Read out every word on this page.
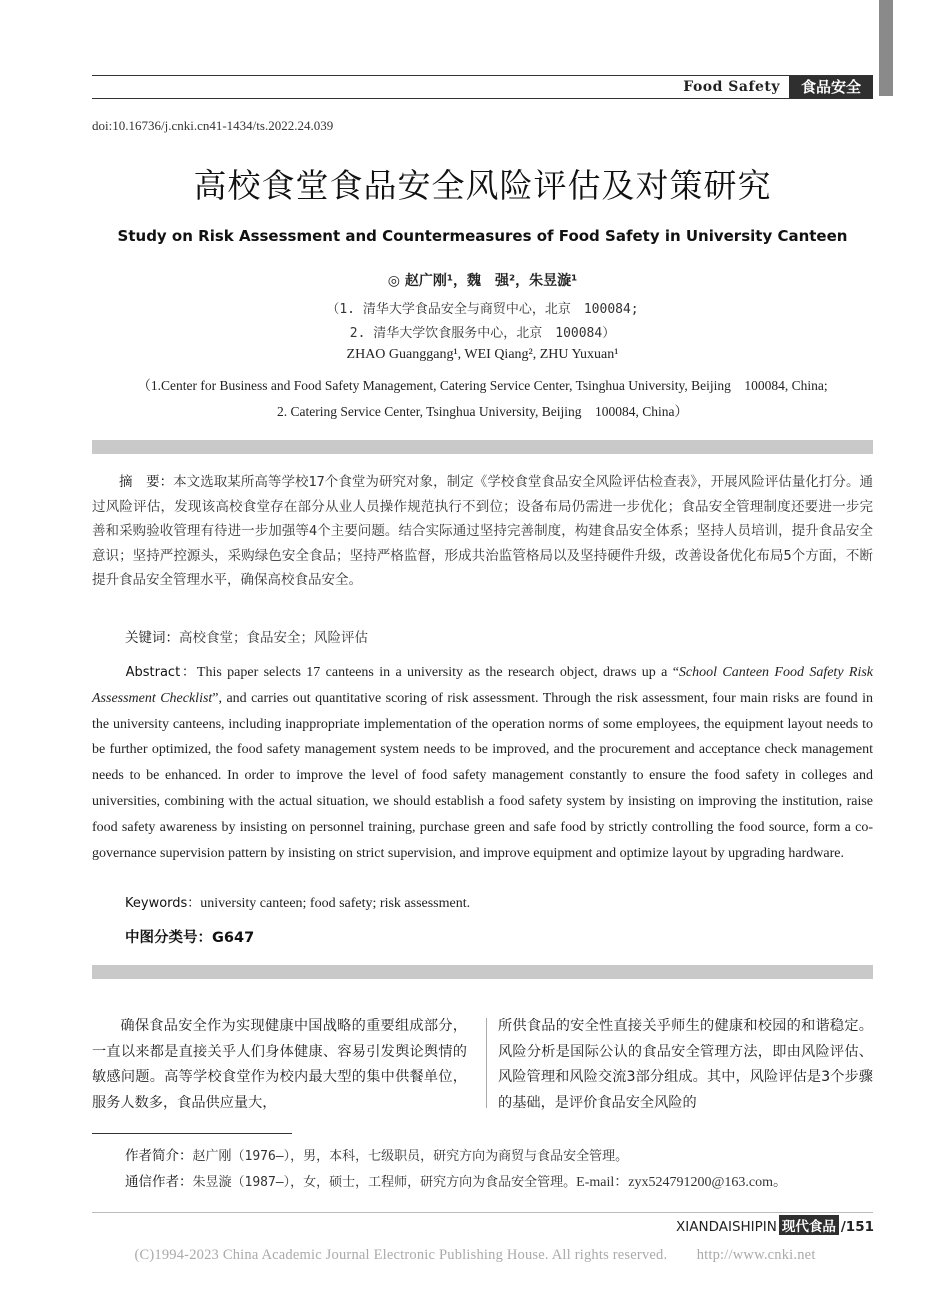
Food Safety	食品安全
doi:10.16736/j.cnki.cn41-1434/ts.2022.24.039
高校食堂食品安全风险评估及对策研究
Study on Risk Assessment and Countermeasures of Food Safety in University Canteen
◎ 赵广刚¹，魏　强²，朱昱漩¹
（1. 清华大学食品安全与商贸中心，北京　100084;
2. 清华大学饮食服务中心，北京　100084）
ZHAO Guanggang¹, WEI Qiang², ZHU Yuxuan¹
（1.Center for Business and Food Safety Management, Catering Service Center, Tsinghua University, Beijing　100084, China;
2. Catering Service Center, Tsinghua University, Beijing　100084, China）
摘　要：本文选取某所高等学校17个食堂为研究对象，制定《学校食堂食品安全风险评估检查表》，开展风险评估量化打分。通过风险评估，发现该高校食堂存在部分从业人员操作规范执行不到位；设备布局仍需进一步优化；食品安全管理制度还要进一步完善和采购验收管理有待进一步加强等4个主要问题。结合实际通过坚持完善制度，构建食品安全体系；坚持人员培训，提升食品安全意识；坚持严控源头，采购绿色安全食品；坚持严格监督，形成共治监管格局以及坚持硬件升级，改善设备优化布局5个方面，不断提升食品安全管理水平，确保高校食品安全。
关键词：高校食堂；食品安全；风险评估
Abstract：This paper selects 17 canteens in a university as the research object, draws up a “School Canteen Food Safety Risk Assessment Checklist”, and carries out quantitative scoring of risk assessment. Through the risk assessment, four main risks are found in the university canteens, including inappropriate implementation of the operation norms of some employees, the equipment layout needs to be further optimized, the food safety management system needs to be improved, and the procurement and acceptance check management needs to be enhanced. In order to improve the level of food safety management constantly to ensure the food safety in colleges and universities, combining with the actual situation, we should establish a food safety system by insisting on improving the institution, raise food safety awareness by insisting on personnel training, purchase green and safe food by strictly controlling the food source, form a co-governance supervision pattern by insisting on strict supervision, and improve equipment and optimize layout by upgrading hardware.
Keywords：university canteen; food safety; risk assessment.
中图分类号：G647
确保食品安全作为实现健康中国战略的重要组成部分，一直以来都是直接关乎人们身体健康、容易引发舆论舆情的敏感问题。高等学校食堂作为校内最大型的集中供餐单位，服务人数多，食品供应量大，
所供食品的安全性直接关乎师生的健康和校园的和谐稳定。风险分析是国际公认的食品安全管理方法，即由风险评估、风险管理和风险交流3部分组成。其中，风险评估是3个步骤的基础，是评价食品安全风险的
作者简介：赵广刚（1976—），男，本科，七级职员，研究方向为商贸与食品安全管理。
通信作者：朱昱漩（1987—），女，硕士，工程师，研究方向为食品安全管理。E-mail：zyx524791200@163.com。
XIANDAISHIPIN 现代食品 /151
(C)1994-2023 China Academic Journal Electronic Publishing House. All rights reserved.　　http://www.cnki.net
